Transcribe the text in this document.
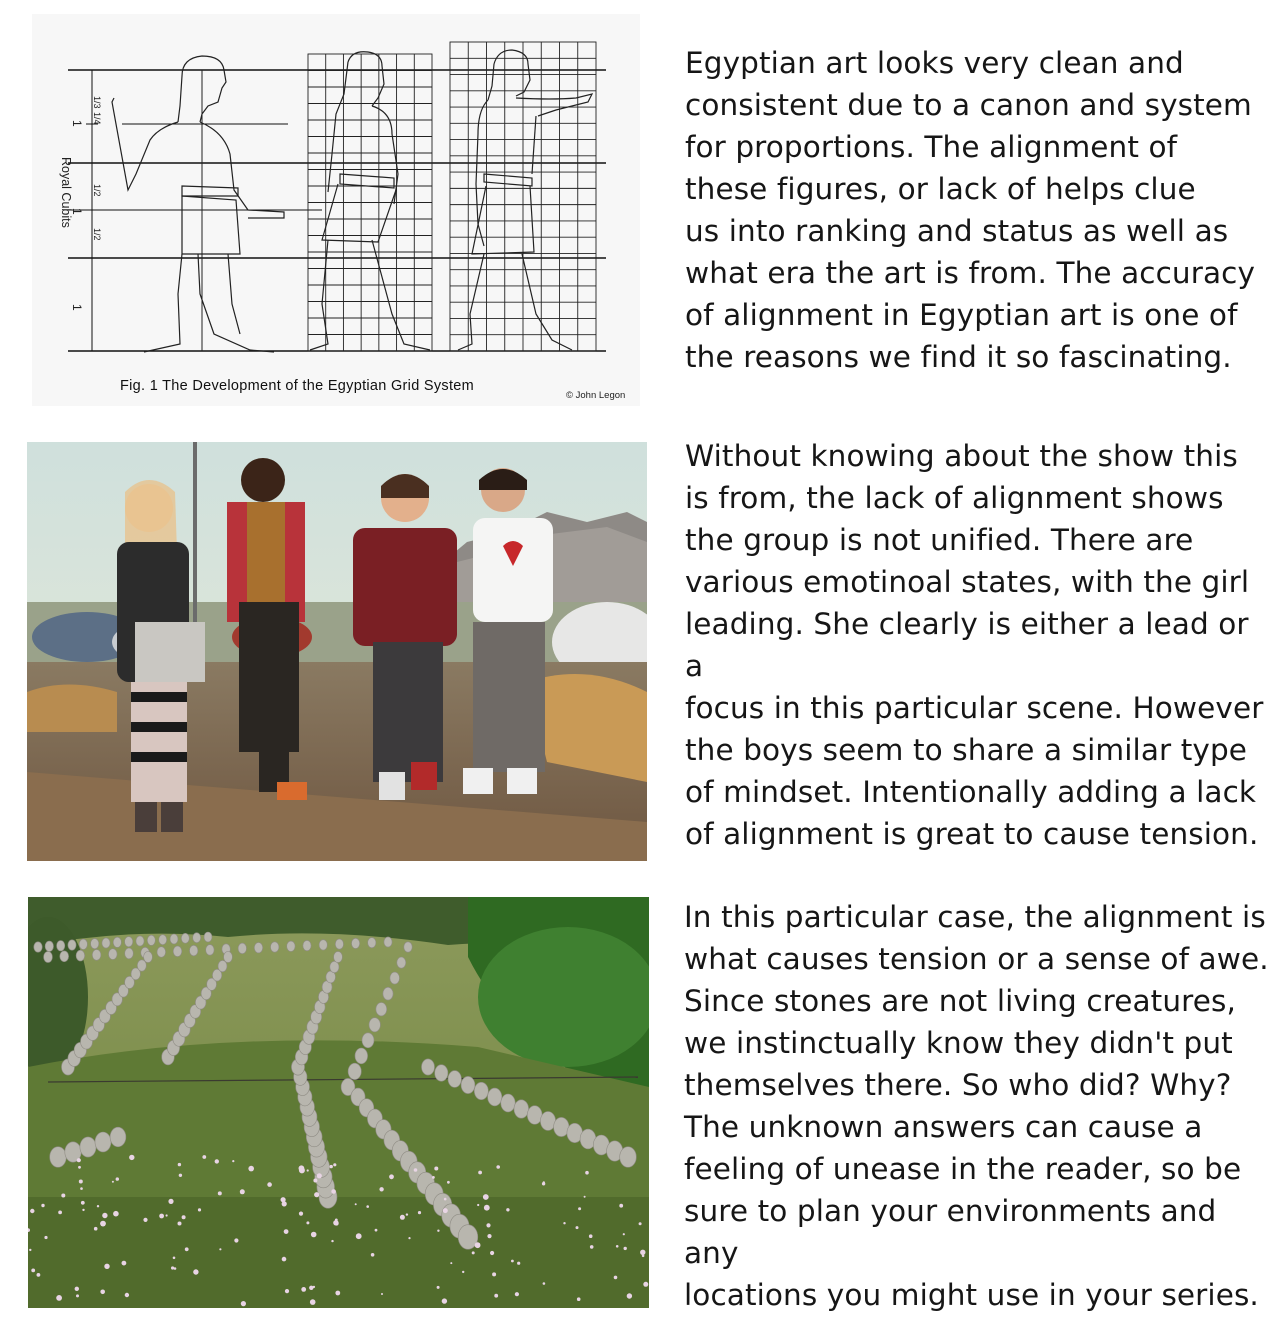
1/3
1/4
1
1/2
1
1/2
1
Royal Cubits
Fig. 1 The Development of the Egyptian Grid System
© John Legon

Egyptian art looks very clean and

consistent due to a canon and system

for proportions. The alignment of

these figures, or lack of helps clue

us into ranking and status as well as

what era the art is from. The accuracy

of alignment in Egyptian art is one of

the reasons we find it so fascinating.

Without knowing about the show this

is from, the lack of alignment shows

the group is not unified. There are

various emotinoal states, with the girl

leading. She clearly is either a lead or a

focus in this particular scene. However

the boys seem to share a similar type

of mindset. Intentionally adding a lack

of alignment is great to cause tension.

In this particular case, the alignment is

what causes tension or a sense of awe.

Since stones are not living creatures,

we instinctually know they didn't put

themselves there. So who did? Why?

The unknown answers can cause a

feeling of unease in the reader, so be

sure to plan your environments and any

locations you might use in your series.
